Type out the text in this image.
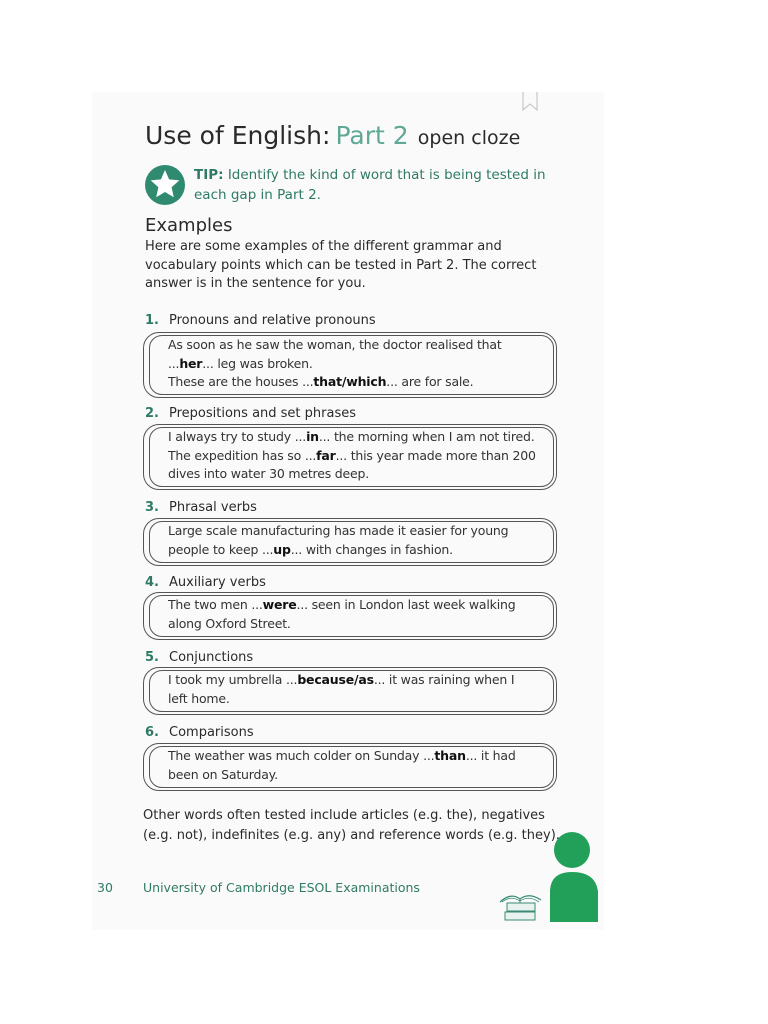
Use of English: Part 2 open cloze
TIP: Identify the kind of word that is being tested in each gap in Part 2.
Examples
Here are some examples of the different grammar and vocabulary points which can be tested in Part 2. The correct answer is in the sentence for you.
1. Pronouns and relative pronouns
As soon as he saw the woman, the doctor realised that
...her... leg was broken.
These are the houses ...that/which... are for sale.
2. Prepositions and set phrases
I always try to study ...in... the morning when I am not tired.
The expedition has so ...far... this year made more than 200
dives into water 30 metres deep.
3. Phrasal verbs
Large scale manufacturing has made it easier for young
people to keep ...up... with changes in fashion.
4. Auxiliary verbs
The two men ...were... seen in London last week walking
along Oxford Street.
5. Conjunctions
I took my umbrella ...because/as... it was raining when I
left home.
6. Comparisons
The weather was much colder on Sunday ...than... it had
been on Saturday.
Other words often tested include articles (e.g. the), negatives (e.g. not), indefinites (e.g. any) and reference words (e.g. they).
30 University of Cambridge ESOL Examinations
